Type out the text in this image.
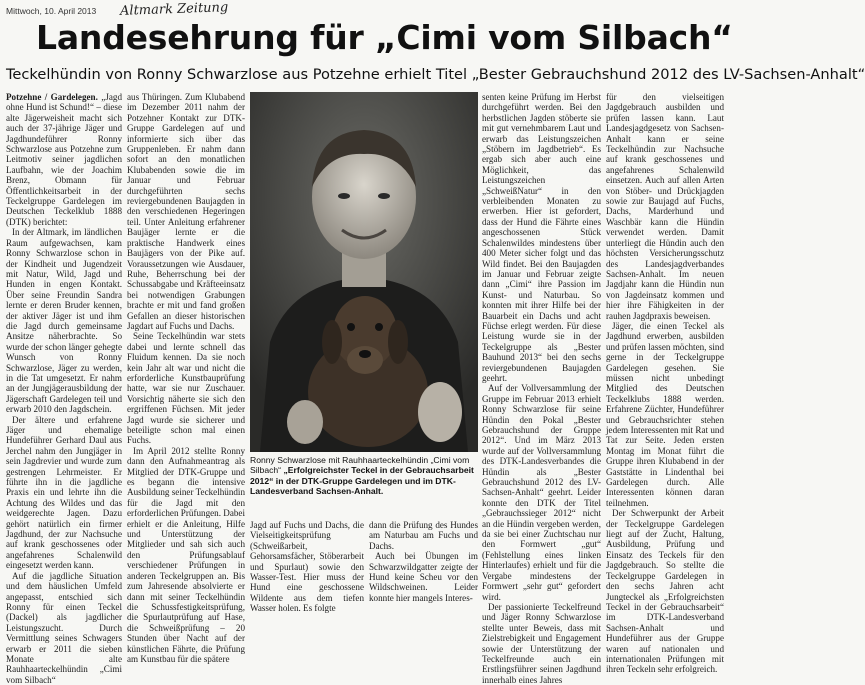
Mittwoch, 10. April 2013 Altmark Zeitung
Landesehrung für „Cimi vom Silbach“
Teckelhündin von Ronny Schwarzlose aus Potzehne erhielt Titel „Bester Gebrauchshund 2012 des LV-Sachsen-Anhalt“

Potzehne / Gardelegen. „Jagd ohne Hund ist Schund!“ – diese alte Jägerweisheit macht sich auch der 37-jährige Jäger und Jagdhundeführer Ronny Schwarzlose aus Potzehne zum Leitmotiv seiner jagdlichen Laufbahn, wie der Joachim Brenz, Obmann für Öffentlichkeitsarbeit in der Teckelgruppe Gardelegen im Deutschen Teckelklub 1888 (DTK) berichtet:

In der Altmark, im ländlichen Raum aufgewachsen, kam Ronny Schwarzlose schon in der Kindheit und Jugendzeit mit Natur, Wild, Jagd und Hunden in engen Kontakt. Über seine Freundin Sandra lernte er deren Bruder kennen, der aktiver Jäger ist und ihm die Jagd durch gemeinsame Ansitze näherbrachte. So wurde der schon länger gehegte Wunsch von Ronny Schwarzlose, Jäger zu werden, in die Tat umgesetzt. Er nahm an der Jungjägerausbildung der Jägerschaft Gardelegen teil und erwarb 2010 den Jagdschein.

Der ältere und erfahrene Jäger und ehemalige Hundeführer Gerhard Daul aus Jerchel nahm den Jungjäger in sein Jagdrevier und wurde zum gestrengen Lehrmeister. Er führte ihn in die jagdliche Praxis ein und lehrte ihn die Achtung des Wildes und das weidgerechte Jagen. Dazu gehört natürlich ein firmer Jagdhund, der zur Nachsuche auf krank geschossenes oder angefahrenes Schalenwild eingesetzt werden kann.

Auf die jagdliche Situation und dem häuslichen Umfeld angepasst, entschied sich Ronny für einen Teckel (Dackel) als jagdlicher Leistungszucht. Durch Vermittlung seines Schwagers erwarb er 2011 die sieben Monate alte Rauhhaarteckelhündin „Cimi vom Silbach“

aus Thüringen. Zum Klubabend im Dezember 2011 nahm der Potzehner Kontakt zur DTK-Gruppe Gardelegen auf und informierte sich über das Gruppenleben. Er nahm dann sofort an den monatlichen Klubabenden sowie die im Januar und Februar durchgeführten sechs reviergebundenen Baujagden in den verschiedenen Hegeringen teil. Unter Anleitung erfahrener Baujäger lernte er die praktische Handwerk eines Baujägers von der Pike auf. Voraussetzungen wie Ausdauer, Ruhe, Beherrschung bei der Schussabgabe und Kräfteeinsatz bei notwendigen Grabungen brachte er mit und fand großen Gefallen an dieser historischen Jagdart auf Fuchs und Dachs.

Seine Teckelhündin war stets dabei und lernte schnell das Fluidum kennen. Da sie noch kein Jahr alt war und nicht die erforderliche Kunstbauprüfung hatte, war sie nur Zuschauer. Vorsichtig näherte sie sich den ergriffenen Füchsen. Mit jeder Jagd wurde sie sicherer und beteiligte schon mal einen Fuchs.

Im April 2012 stellte Ronny dann den Aufnahmeantrag als Mitglied der DTK-Gruppe und es begann die intensive Ausbildung seiner Teckelhündin für die Jagd mit den erforderlichen Prüfungen. Dabei erhielt er die Anleitung, Hilfe und Unterstützung der Mitglieder und sah sich auch den Prüfungsablauf verschiedener Prüfungen in anderen Teckelgruppen an. Bis zum Jahresende absolvierte er dann mit seiner Teckelhündin die Schussfestigkeitsprüfung, die Spurlautprüfung auf Hase, die Schweißprüfung – 20 Stunden über Nacht auf der künstlichen Fährte, die Prüfung am Kunstbau für die spätere

Ronny Schwarzlose mit Rauhhaarteckelhündin „Cimi vom Silbach“ „Erfolgreichster Teckel in der Gebrauchsarbeit 2012“ in der DTK-Gruppe Gardelegen und im DTK-Landesverband Sachsen-Anhalt.

Jagd auf Fuchs und Dachs, die Vielseitigkeitsprüfung (Schweißarbeit, Gehorsamsfächer, Stöberarbeit und Spurlaut) sowie den Wasser-Test. Hier muss der Hund eine geschossene Wildente aus dem tiefen Wasser holen. Es folgte

dann die Prüfung des Hundes am Naturbau am Fuchs und Dachs.

Auch bei Übungen im Schwarzwildgatter zeigte der Hund keine Scheu vor den Wildschweinen. Leider konnte hier mangels Interes-

senten keine Prüfung im Herbst durchgeführt werden. Bei den herbstlichen Jagden stöberte sie mit gut vernehmbarem Laut und erwarb das Leistungszeichen „Stöbern im Jagdbetrieb“. Es ergab sich aber auch eine Möglichkeit, das Leistungszeichen „SchweißNatur“ in den verbleibenden Monaten zu erwerben. Hier ist gefordert, dass der Hund die Fährte eines angeschossenen Stück Schalenwildes mindestens über 400 Meter sicher folgt und das Wild findet. Bei den Baujagden im Januar und Februar zeigte dann „Cimi“ ihre Passion im Kunst- und Naturbau. So konnten mit ihrer Hilfe bei der Bauarbeit ein Dachs und acht Füchse erlegt werden. Für diese Leistung wurde sie in der Teckelgruppe als „Bester Bauhund 2013“ bei den sechs reviergebundenen Baujagden geehrt.

Auf der Vollversammlung der Gruppe im Februar 2013 erhielt Ronny Schwarzlose für seine Hündin den Pokal „Bester Gebrauchshund der Gruppe 2012“. Und im März 2013 wurde auf der Vollversammlung des DTK-Landesverbandes die Hündin als „Bester Gebrauchshund 2012 des LV-Sachsen-Anhalt“ geehrt. Leider konnte den DTK der Titel „Gebrauchssieger 2012“ nicht an die Hündin vergeben werden, da sie bei einer Zuchtschau nur den Formwert „gut“ (Fehlstellung eines linken Hinterlaufes) erhielt und für die Vergabe mindestens der Formwert „sehr gut“ gefordert wird.

Der passionierte Teckelfreund und Jäger Ronny Schwarzlose stellte unter Beweis, dass mit Zielstrebigkeit und Engagement sowie der Unterstützung der Teckelfreunde auch ein Erstlingsführer seinen Jagdhund innerhalb eines Jahres

für den vielseitigen Jagdgebrauch ausbilden und prüfen lassen kann. Laut Landesjagdgesetz von Sachsen-Anhalt kann er seine Teckelhündin zur Nachsuche auf krank geschossenes und angefahrenes Schalenwild einsetzen. Auch auf allen Arten von Stöber- und Drückjagden sowie zur Baujagd auf Fuchs, Dachs, Marderhund und Waschbär kann die Hündin verwendet werden. Damit unterliegt die Hündin auch den höchsten Versicherungsschutz des Landesjagdverbandes Sachsen-Anhalt. Im neuen Jagdjahr kann die Hündin nun von Jagdeinsatz kommen und hier ihre Fähigkeiten in der rauhen Jagdpraxis beweisen.

Jäger, die einen Teckel als Jagdhund erwerben, ausbilden und prüfen lassen möchten, sind gerne in der Teckelgruppe Gardelegen gesehen. Sie müssen nicht unbedingt Mitglied des Deutschen Teckelklubs 1888 werden. Erfahrene Züchter, Hundeführer und Gebrauchsrichter stehen jedem Interessenten mit Rat und Tat zur Seite. Jeden ersten Montag im Monat führt die Gruppe ihren Klubabend in der Gaststätte in Lindenthal bei Gardelegen durch. Alle Interessenten können daran teilnehmen.

Der Schwerpunkt der Arbeit der Teckelgruppe Gardelegen liegt auf der Zucht, Haltung, Ausbildung, Prüfung und Einsatz des Teckels für den Jagdgebrauch. So stellte die Teckelgruppe Gardelegen in den sechs Jahren acht Jungteckel als „Erfolgreichsten Teckel in der Gebrauchsarbeit“ im DTK-Landesverband Sachsen-Anhalt und Hundeführer aus der Gruppe waren auf nationalen und internationalen Prüfungen mit ihren Teckeln sehr erfolgreich.
